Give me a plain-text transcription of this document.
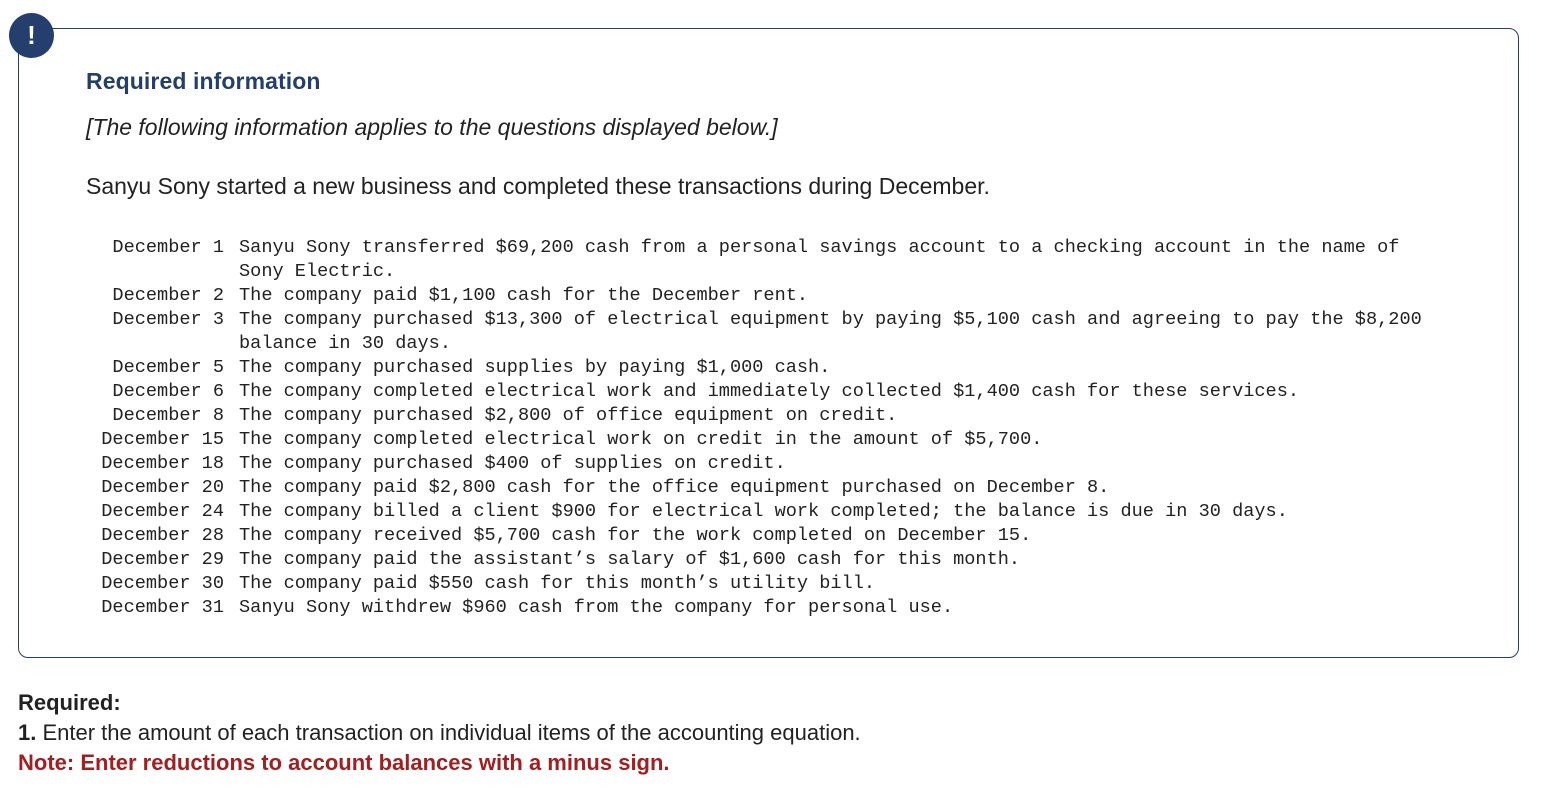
!
Required information
[The following information applies to the questions displayed below.]
Sanyu Sony started a new business and completed these transactions during December.
December 1 Sanyu Sony transferred $69,200 cash from a personal savings account to a checking account in the name of Sony Electric.
December 2 The company paid $1,100 cash for the December rent.
December 3 The company purchased $13,300 of electrical equipment by paying $5,100 cash and agreeing to pay the $8,200 balance in 30 days.
December 5 The company purchased supplies by paying $1,000 cash.
December 6 The company completed electrical work and immediately collected $1,400 cash for these services.
December 8 The company purchased $2,800 of office equipment on credit.
December 15 The company completed electrical work on credit in the amount of $5,700.
December 18 The company purchased $400 of supplies on credit.
December 20 The company paid $2,800 cash for the office equipment purchased on December 8.
December 24 The company billed a client $900 for electrical work completed; the balance is due in 30 days.
December 28 The company received $5,700 cash for the work completed on December 15.
December 29 The company paid the assistant’s salary of $1,600 cash for this month.
December 30 The company paid $550 cash for this month’s utility bill.
December 31 Sanyu Sony withdrew $960 cash from the company for personal use.
Required:
1. Enter the amount of each transaction on individual items of the accounting equation.
Note: Enter reductions to account balances with a minus sign.
